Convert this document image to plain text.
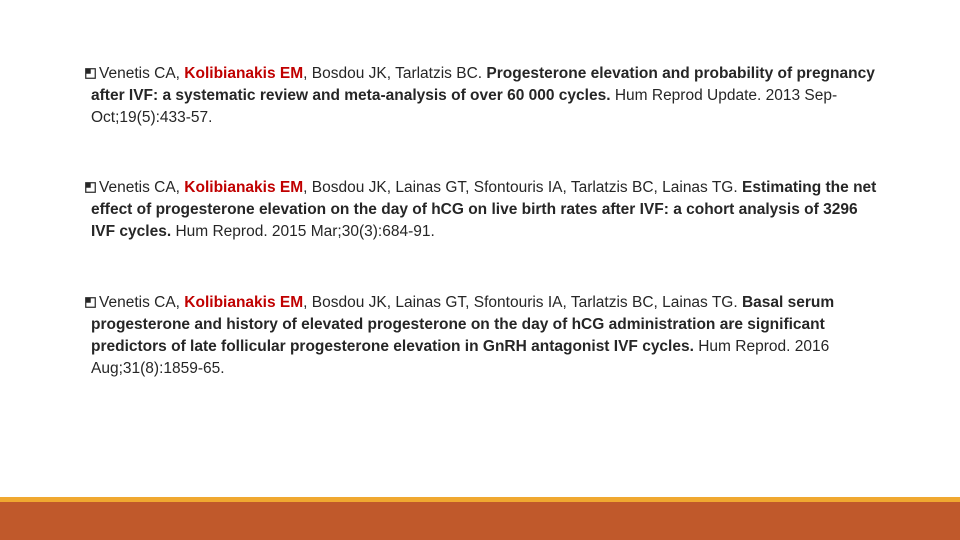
Venetis CA, Kolibianakis EM, Bosdou JK, Tarlatzis BC. Progesterone elevation and probability of pregnancy after IVF: a systematic review and meta-analysis of over 60 000 cycles. Hum Reprod Update. 2013 Sep-Oct;19(5):433-57.
Venetis CA, Kolibianakis EM, Bosdou JK, Lainas GT, Sfontouris IA, Tarlatzis BC, Lainas TG. Estimating the net effect of progesterone elevation on the day of hCG on live birth rates after IVF: a cohort analysis of 3296 IVF cycles. Hum Reprod. 2015 Mar;30(3):684-91.
Venetis CA, Kolibianakis EM, Bosdou JK, Lainas GT, Sfontouris IA, Tarlatzis BC, Lainas TG. Basal serum progesterone and history of elevated progesterone on the day of hCG administration are significant predictors of late follicular progesterone elevation in GnRH antagonist IVF cycles. Hum Reprod. 2016 Aug;31(8):1859-65.
